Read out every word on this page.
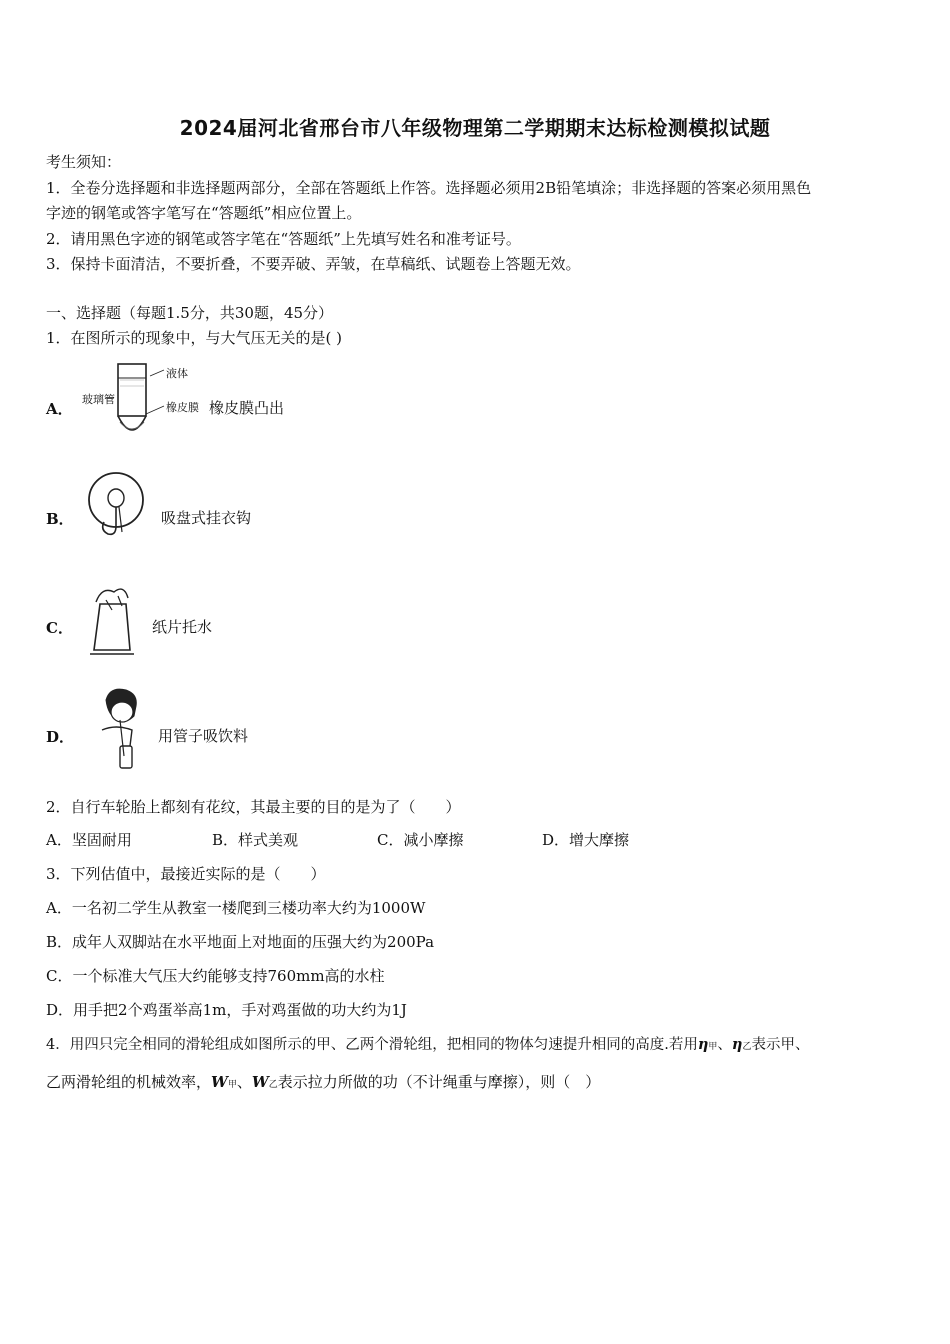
2024届河北省邢台市八年级物理第二学期期末达标检测模拟试题
考生须知：
1．全卷分选择题和非选择题两部分，全部在答题纸上作答。选择题必须用2B铅笔填涂；非选择题的答案必须用黑色
字迹的钢笔或答字笔写在“答题纸”相应位置上。
2．请用黑色字迹的钢笔或答字笔在“答题纸”上先填写姓名和准考证号。
3．保持卡面清洁，不要折叠，不要弄破、弄皱，在草稿纸、试题卷上答题无效。
一、选择题（每题1.5分，共30题，45分）
1．在图所示的现象中，与大气压无关的是( )
A．
液体
玻璃管
橡皮膜 橡皮膜凸出
B．	吸盘式挂衣钩
C．	纸片托水
D．	用管子吸饮料
2．自行车轮胎上都刻有花纹，其最主要的目的是为了（　　）
A．坚固耐用	B．样式美观	C．减小摩擦	D．增大摩擦
3．下列估值中，最接近实际的是（　　）
A．一名初二学生从教室一楼爬到三楼功率大约为1000W
B．成年人双脚站在水平地面上对地面的压强大约为200Pa
C．一个标准大气压大约能够支持760mm高的水柱
D．用手把2个鸡蛋举高1m，手对鸡蛋做的功大约为1J
4．用四只完全相同的滑轮组成如图所示的甲、乙两个滑轮组，把相同的物体匀速提升相同的高度.若用η甲、η乙表示甲、
乙两滑轮组的机械效率，W甲、W乙表示拉力所做的功（不计绳重与摩擦），则（　）
